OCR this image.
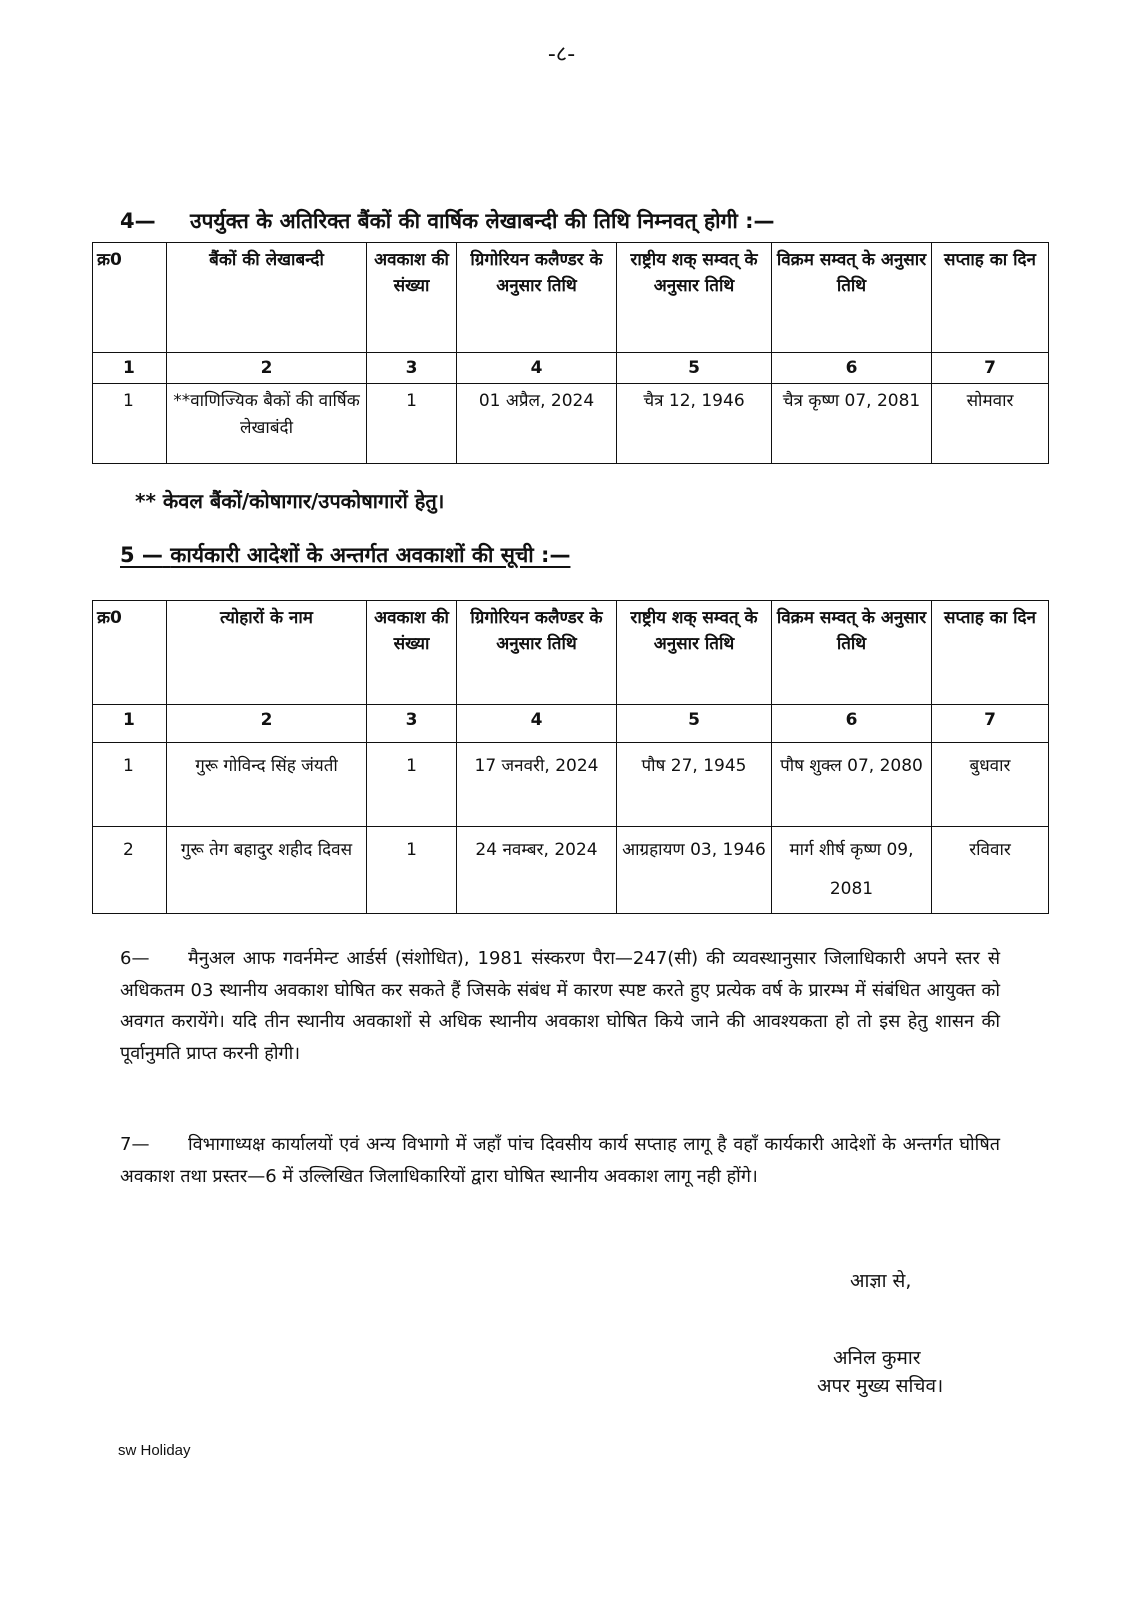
-८-
4— उपर्युक्त के अतिरिक्त बैंकों की वार्षिक लेखाबन्दी की तिथि निम्नवत् होगी :—
क्र0	बैंकों की लेखाबन्दी	अवकाश की संख्या	ग्रिगोरियन कलैण्डर के अनुसार तिथि	राष्ट्रीय शक् सम्वत् के अनुसार तिथि	विक्रम सम्वत् के अनुसार तिथि	सप्ताह का दिन
1	2	3	4	5	6	7
1	**वाणिज्यिक बैकों की वार्षिक लेखाबंदी	1	01 अप्रैल, 2024	चैत्र 12, 1946	चैत्र कृष्ण 07, 2081	सोमवार
** केवल बैंकों/कोषागार/उपकोषागारों हेतु।
5 — कार्यकारी आदेशों के अन्तर्गत अवकाशों की सूची :—
क्र0	त्योहारों के नाम	अवकाश की संख्या	ग्रिगोरियन कलैण्डर के अनुसार तिथि	राष्ट्रीय शक् सम्वत् के अनुसार तिथि	विक्रम सम्वत् के अनुसार तिथि	सप्ताह का दिन
1	2	3	4	5	6	7
1	गुरू गोविन्द सिंह जंयती	1	17 जनवरी, 2024	पौष 27, 1945	पौष शुक्ल 07, 2080	बुधवार
2	गुरू तेग बहादुर शहीद दिवस	1	24 नवम्बर, 2024	आग्रहायण 03, 1946	मार्ग शीर्ष कृष्ण 09, 2081	रविवार
6— मैनुअल आफ गवर्नमेन्ट आर्डर्स (संशोधित), 1981 संस्करण पैरा—247(सी) की व्यवस्थानुसार जिलाधिकारी अपने स्तर से अधिकतम 03 स्थानीय अवकाश घोषित कर सकते हैं जिसके संबंध में कारण स्पष्ट करते हुए प्रत्येक वर्ष के प्रारम्भ में संबंधित आयुक्त को अवगत करायेंगे। यदि तीन स्थानीय अवकाशों से अधिक स्थानीय अवकाश घोषित किये जाने की आवश्यकता हो तो इस हेतु शासन की पूर्वानुमति प्राप्त करनी होगी।
7— विभागाध्यक्ष कार्यालयों एवं अन्य विभागो में जहाँ पांच दिवसीय कार्य सप्ताह लागू है वहाँ कार्यकारी आदेशों के अन्तर्गत घोषित अवकाश तथा प्रस्तर—6 में उल्लिखित जिलाधिकारियों द्वारा घोषित स्थानीय अवकाश लागू नही होंगे।
आज्ञा से,
अनिल कुमार
अपर मुख्य सचिव।
sw Holiday
